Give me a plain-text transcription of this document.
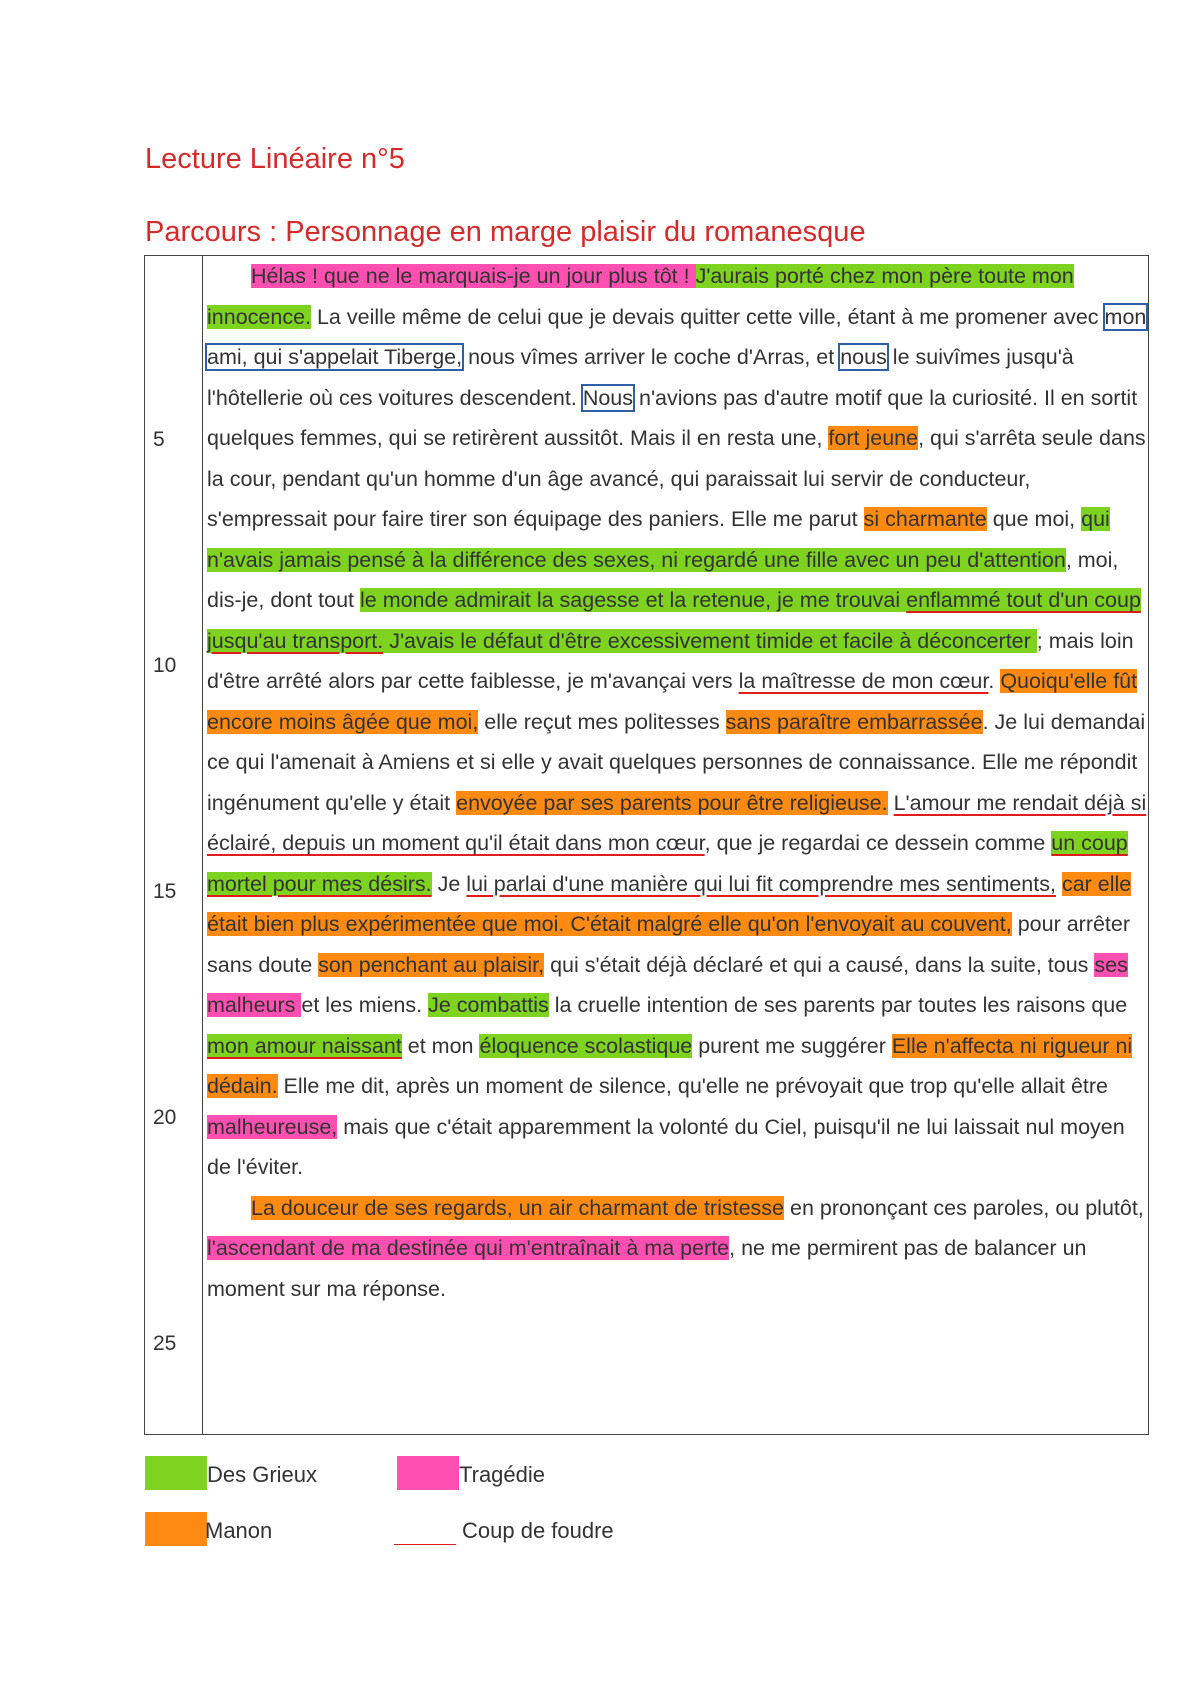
Lecture Linéaire n°5
Parcours : Personnage en marge plaisir du romanesque
5
10
15
20
25

Hélas ! que ne le marquais-je un jour plus tôt ! J'aurais porté chez mon père toute mon innocence. La veille même de celui que je devais quitter cette ville, étant à me promener avec mon ami, qui s'appelait Tiberge, nous vîmes arriver le coche d'Arras, et nous le suivîmes jusqu'à l'hôtellerie où ces voitures descendent. Nous n'avions pas d'autre motif que la curiosité. Il en sortit quelques femmes, qui se retirèrent aussitôt. Mais il en resta une, fort jeune, qui s'arrêta seule dans la cour, pendant qu'un homme d'un âge avancé, qui paraissait lui servir de conducteur, s'empressait pour faire tirer son équipage des paniers. Elle me parut si charmante que moi, qui n'avais jamais pensé à la différence des sexes, ni regardé une fille avec un peu d'attention, moi, dis-je, dont tout le monde admirait la sagesse et la retenue, je me trouvai enflammé tout d'un coup jusqu'au transport. J'avais le défaut d'être excessivement timide et facile à déconcerter ; mais loin d'être arrêté alors par cette faiblesse, je m'avançai vers la maîtresse de mon cœur. Quoiqu'elle fût encore moins âgée que moi, elle reçut mes politesses sans paraître embarrassée. Je lui demandai ce qui l'amenait à Amiens et si elle y avait quelques personnes de connaissance. Elle me répondit ingénument qu'elle y était envoyée par ses parents pour être religieuse. L'amour me rendait déjà si éclairé, depuis un moment qu'il était dans mon cœur, que je regardai ce dessein comme un coup mortel pour mes désirs. Je lui parlai d'une manière qui lui fit comprendre mes sentiments, car elle était bien plus expérimentée que moi. C'était malgré elle qu'on l'envoyait au couvent, pour arrêter sans doute son penchant au plaisir, qui s'était déjà déclaré et qui a causé, dans la suite, tous ses malheurs et les miens. Je combattis la cruelle intention de ses parents par toutes les raisons que mon amour naissant et mon éloquence scolastique purent me suggérer Elle n'affecta ni rigueur ni dédain. Elle me dit, après un moment de silence, qu'elle ne prévoyait que trop qu'elle allait être malheureuse, mais que c'était apparemment la volonté du Ciel, puisqu'il ne lui laissait nul moyen de l'éviter.
La douceur de ses regards, un air charmant de tristesse en prononçant ces paroles, ou plutôt, l'ascendant de ma destinée qui m'entraînait à ma perte, ne me permirent pas de balancer un moment sur ma réponse.

Des Grieux	Tragédie
Manon	Coup de foudre
